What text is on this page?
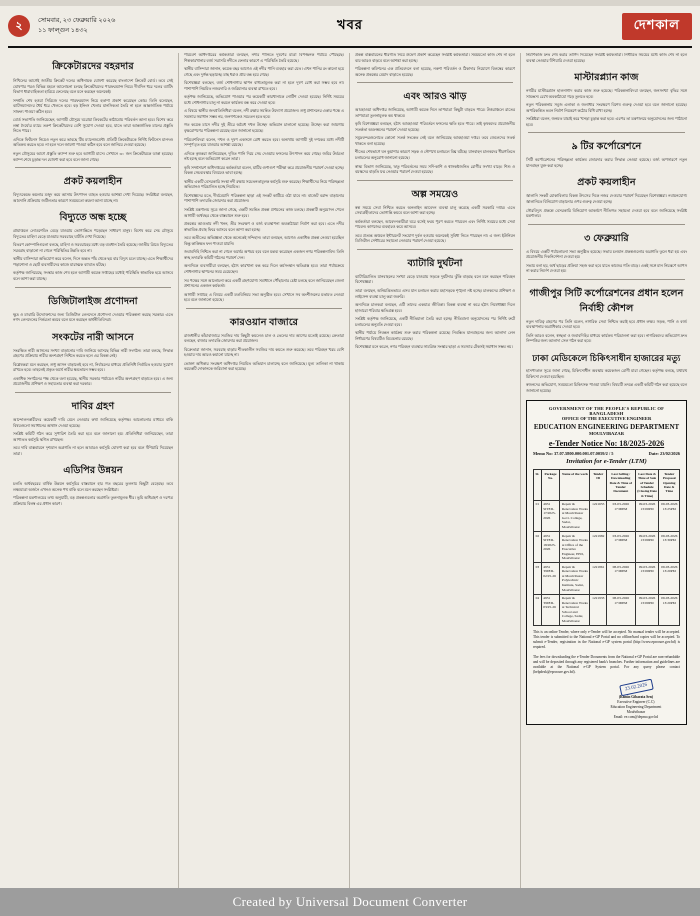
২	সোমবার, ২৩ ফেব্রুয়ারি ২০২৬
১১ ফাল্গুন ১৪৩২	খবর	দেশকাল
ক্রিকেটারদের বহরদার

নিখিলের আগেই জাতীয় ক্রিকেট দলের অধিনায়ক ঘোষণা করেছে বাংলাদেশ ক্রিকেট বোর্ড। তবে সেই ঘোষণার পরও বিভিন্ন মহলে আলোচনা চলছে ক্রিকেটারদের পারফরম্যান্স নিয়ে। দীর্ঘদিন ধরে দলের ব্যাটিং বিভাগ ধারাবাহিকতা হারিয়ে ফেলেছে বলে মনে করছেন অনেকেই।

সম্প্রতি শেষ হওয়া সিরিজে দলের পারফরম্যান্স নিয়ে হতাশা প্রকাশ করেছেন কোচ। তিনি বলেছেন, ব্যাটসম্যানদের ধৈর্য ধরে খেলতে হবে। বড় ইনিংস খেলার মানসিকতা তৈরি না হলে আন্তর্জাতিক পর্যায়ে সাফল্য পাওয়া কঠিন হবে।

বোর্ড সভাপতি জানিয়েছেন, আগামী মৌসুমে ঘরোয়া ক্রিকেটের কাঠামোয় পরিবর্তন আনা হবে। বিশেষ করে লম্বা দৈর্ঘ্যের ম্যাচে তরুণ ক্রিকেটারদের বেশি সুযোগ দেওয়া হবে, যাতে তারা আন্তর্জাতিক মানের প্রস্তুতি নিতে পারে।

এদিকে ফিটনেস নিয়েও নতুন করে ভাবছে টিম ম্যানেজমেন্ট। প্রতিটি ক্রিকেটারকে নির্দিষ্ট ফিটনেস মানদণ্ড অতিক্রম করতে হবে। না হলে দলে জায়গা পাওয়া কঠিন হবে বলে জানিয়ে দেওয়া হয়েছে।

নতুন মৌসুমের আগে প্রস্তুতি ক্যাম্প শুরু হবে আগামী মাসে। সেখানে ৩০ জন ক্রিকেটারকে ডাকা হয়েছে। ক্যাম্প শেষে চূড়ান্ত দল ঘোষণা করা হবে বলে জানা গেছে।

প্রকট কয়লাহীন

বিদ্যুৎকেন্দ্রে কয়লার মজুদ কমে আসায় উৎপাদন ব্যাহত হওয়ার আশঙ্কা দেখা দিয়েছে। সংশ্লিষ্টরা বলছেন, আমদানি প্রক্রিয়ায় জটিলতার কারণে সময়মতো কয়লা আনা যাচ্ছে না।

বিদ্যুতে অন্ধ হচ্ছে

গ্রামাঞ্চলে লোডশেডিং বেড়ে যাওয়ায় ভোগান্তিতে পড়েছেন সাধারণ মানুষ। বিশেষ করে সেচ মৌসুমে বিদ্যুতের চাহিদা বেড়ে যাওয়ায় সরবরাহে ঘাটতি দেখা দিয়েছে।

বিতরণ কোম্পানিগুলো বলছে, চাহিদা ও সরবরাহের মধ্যে বড় ব্যবধান তৈরি হয়েছে। জাতীয় গ্রিডে বিদ্যুতের সরবরাহ বাড়ানো না গেলে পরিস্থিতির উন্নতি হবে না।

স্থানীয় বাসিন্দারা অভিযোগ করে বলেন, দিনে অন্তত পাঁচ থেকে ছয় বার বিদ্যুৎ চলে যাচ্ছে। এতে শিক্ষার্থীদের পড়াশোনা ও ছোট ব্যবসায়ীদের কাজে মারাত্মক ব্যাঘাত ঘটছে।

কর্তৃপক্ষ জানিয়েছে, সংস্কার কাজ শেষ হলে আগামী কয়েক সপ্তাহের মধ্যেই পরিস্থিতি স্বাভাবিক হয়ে আসবে বলে আশা করা যাচ্ছে।

ডিজিটালাইজ প্রণোদনা

ক্ষুদ্র ও মাঝারি উদ্যোক্তাদের জন্য ডিজিটাল লেনদেনে প্রণোদনা দেওয়ার পরিকল্পনা করছে সরকার। এতে নগদ লেনদেনের নির্ভরতা কমবে বলে মনে করছেন অর্থনীতিবিদরা।

সংকটের নারী আসনে

সংরক্ষিত নারী আসনের সংখ্যা বাড়ানোর দাবি জানিয়ে আসছে বিভিন্ন নারী সংগঠন। তারা বলছে, সিদ্ধান্ত গ্রহণের প্রক্রিয়ায় নারীর অংশগ্রহণ নিশ্চিত করতে হলে এর বিকল্প নেই।

বিশ্লেষকরা মনে করছেন, শুধু আসন বাড়ালেই হবে না, নির্বাচনের মাধ্যমে প্রতিনিধি নির্বাচিত হওয়ার সুযোগ রাখতে হবে। তাহলেই প্রকৃত অর্থে নারীর ক্ষমতায়ন সম্ভব হবে।

একাধিক সংগঠনের পক্ষ থেকে বলা হয়েছে, স্থানীয় সরকার পর্যায়েও নারীর অংশগ্রহণ বাড়াতে হবে। এ জন্য প্রয়োজনীয় প্রশিক্ষণ ও সহায়তার ব্যবস্থা করা দরকার।

দাবির গ্রহণ

আন্দোলনকারীদের কয়েকটি দাবি মেনে নেওয়ার কথা জানিয়েছে কর্তৃপক্ষ। আলোচনার মাধ্যমে বাকি বিষয়গুলো সমাধানের আশ্বাস দেওয়া হয়েছে।

সংশ্লিষ্ট কমিটি গঠন করে সুপারিশ তৈরি করা হবে বলে জানানো হয়। প্রতিনিধিরা জানিয়েছেন, তারা আপাতত কর্মসূচি স্থগিত রাখছেন।

তবে দাবি বাস্তবায়নে দৃশ্যমান অগ্রগতি না হলে আবারও কর্মসূচি ঘোষণা করা হবে বলে হুঁশিয়ারি দিয়েছেন তারা।

এডিপির উন্নয়ন

চলতি অর্থবছরের বার্ষিক উন্নয়ন কর্মসূচির বাস্তবায়ন হার গত বছরের তুলনায় কিছুটা বেড়েছে। তবে লক্ষ্যমাত্রা অর্জনে এখনও অনেক পথ বাকি বলে মনে করছেন সংশ্লিষ্টরা।

পরিকল্পনা মন্ত্রণালয়ের তথ্য অনুযায়ী, বড় প্রকল্পগুলোর অগ্রগতি তুলনামূলক ধীর। ভূমি অধিগ্রহণ ও দরপত্র প্রক্রিয়ায় বিলম্ব এর প্রধান কারণ।

পরিবেশ অধিদপ্তরের কর্মকর্তারা বলছেন, নদীর পানিতে দূষণের মাত্রা বিপজ্জনক পর্যায়ে পৌঁছেছে। শিল্পকারখানার বর্জ্য সরাসরি নদীতে ফেলার কারণে এ পরিস্থিতি তৈরি হয়েছে।

স্থানীয় বাসিন্দারা জানান, কয়েক বছর আগেও এই নদীর পানি ব্যবহার করা যেত। এখন পানির রং কালো হয়ে গেছে এবং দুর্গন্ধ ছড়াচ্ছে। মাছ ধরাও প্রায় বন্ধ হয়ে গেছে।

বিশেষজ্ঞরা বলছেন, বর্জ্য শোধনাগার স্থাপন বাধ্যতামূলক করা না হলে দূষণ রোধ করা সম্ভব হবে না। পাশাপাশি নিয়মিত নজরদারি ও জরিমানার ব্যবস্থা রাখতে হবে।

কর্তৃপক্ষ জানিয়েছে, অভিযোগ পাওয়ার পর কয়েকটি কারখানাকে নোটিশ দেওয়া হয়েছে। নির্দিষ্ট সময়ের মধ্যে শোধনাগার চালু না করলে কার্যক্রম বন্ধ করে দেওয়া হবে।

এ বিষয়ে স্থানীয় জনপ্রতিনিধিরা বলেন, নদী রক্ষায় সমন্বিত উদ্যোগ প্রয়োজন। শুধু প্রশাসনের একার পক্ষে এ সমস্যার সমাধান সম্ভব নয়, জনগণকেও সচেতন হতে হবে।

গত কয়েক মাসে নদীর দুই তীরে অবৈধ দখল উচ্ছেদ অভিযান চালানো হয়েছে। উচ্ছেদ করা জায়গায় বৃক্ষরোপণের পরিকল্পনা রয়েছে বলে জানানো হয়েছে।

পরিবেশবিদরা বলেন, দখল ও দূষণ একসঙ্গে রোধ করতে হবে। অন্যথায় আগামী দুই দশকের মধ্যে নদীটি সম্পূর্ণ মৃত হয়ে যাওয়ার আশঙ্কা রয়েছে।

এদিকে কৃষকরা জানিয়েছেন, দূষিত পানি দিয়ে সেচ দেওয়ায় ফসলের উৎপাদন কমে গেছে। জমির উর্বরতা নষ্ট হচ্ছে বলে অভিযোগ করেন তারা।

কৃষি সম্প্রসারণ অধিদপ্তরের কর্মকর্তারা বলেন, মাটির গুণাগুণ পরীক্ষা করে প্রয়োজনীয় পরামর্শ দেওয়া হচ্ছে। বিকল্প সেচব্যবস্থার বিষয়েও ভাবা হচ্ছে।

স্থানীয় একটি বেসরকারি সংস্থা নদী রক্ষায় সচেতনতামূলক কর্মসূচি শুরু করেছে। শিক্ষার্থীদের নিয়ে পরিচ্ছন্নতা অভিযানও পরিচালিত হচ্ছে নিয়মিত।

বিশেষজ্ঞদের মতে, দীর্ঘমেয়াদি পরিকল্পনা ছাড়া এই সংকট কাটিয়ে ওঠা যাবে না। বাজেট বরাদ্দ বাড়ানোর পাশাপাশি তদারকি জোরদার করা প্রয়োজন।

সংশ্লিষ্ট মন্ত্রণালয় সূত্রে জানা গেছে, একটি সমন্বিত প্রকল্প প্রণয়নের কাজ চলছে। প্রকল্পটি অনুমোদন পেলে আগামী অর্থবছর থেকে বাস্তবায়ন শুরু হবে।

প্রকল্পের আওতায় নদী খনন, তীর সংরক্ষণ ও বর্জ্য ব্যবস্থাপনা অবকাঠামো নির্মাণ করা হবে। এতে নদীর স্বাভাবিক প্রবাহ ফিরে আসবে বলে আশা করা হচ্ছে।

তবে অতীতের অভিজ্ঞতা থেকে অনেকেই সন্দিহান। তারা বলছেন, আগেও একাধিক প্রকল্প নেওয়া হয়েছিল কিন্তু কাঙ্ক্ষিত ফল পাওয়া যায়নি।

জবাবদিহি নিশ্চিত করা না গেলে অর্থের অপচয় হবে বলে মন্তব্য করেছেন একজন নগর পরিকল্পনাবিদ। তিনি স্বচ্ছ তদারকি কমিটি গঠনের পরামর্শ দেন।

অন্যদিকে ব্যবসায়ীরা বলছেন, হঠাৎ কারখানা বন্ধ করে দিলে কর্মসংস্থান ক্ষতিগ্রস্ত হবে। তারা পর্যায়ক্রমে শোধনাগার স্থাপনের সময় চেয়েছেন।

সব পক্ষের সঙ্গে আলোচনা করে একটি গ্রহণযোগ্য সমাধানে পৌঁছানোর চেষ্টা চলছে বলে জানিয়েছেন জেলা প্রশাসনের একজন কর্মকর্তা।

আগামী সপ্তাহে এ বিষয়ে একটি মতবিনিময় সভা অনুষ্ঠিত হবে। সেখানে সব অংশীজনের মতামত নেওয়া হবে বলে জানানো হয়েছে।

কারওয়ান বাজারে

রাজধানীর কাঁচাবাজারে সবজির দাম কিছুটা কমলেও চাল ও তেলের দাম আগের মতোই রয়েছে। ক্রেতারা বলছেন, বাজার তদারকি জোরদার করা প্রয়োজন।

বিক্রেতারা জানান, সরবরাহ বাড়ায় শীতকালীন সবজির দাম কমতে শুরু করেছে। তবে পরিবহন খরচ বেশি হওয়ায় দাম আরও কমানো যাচ্ছে না।

ভোক্তা অধিকার সংরক্ষণ অধিদপ্তর নিয়মিত অভিযান চালাচ্ছে বলে জানিয়েছে। মূল্য তালিকা না থাকায় কয়েকটি দোকানকে জরিমানা করা হয়েছে।

প্রকল্প বাস্তবায়নের ধীরগতি নিয়ে উদ্বেগ প্রকাশ করেছেন সংশ্লিষ্ট কর্মকর্তারা। সময়মতো কাজ শেষ না হলে ব্যয় আরও বাড়বে বলে আশঙ্কা করা হচ্ছে।

পরিকল্পনা কমিশনের এক প্রতিবেদনে বলা হয়েছে, নকশা পরিবর্তন ও ঠিকাদার নিয়োগে বিলম্বের কারণে অনেক প্রকল্পের মেয়াদ বাড়াতে হয়েছে।

এবং আরও ঝাড়

আবহাওয়া অধিদপ্তর জানিয়েছে, আগামী কয়েক দিনে তাপমাত্রা কিছুটা বাড়তে পারে। উত্তরাঞ্চলে রাতের তাপমাত্রা তুলনামূলক কম থাকবে।

কৃষি বিশেষজ্ঞরা বলছেন, হঠাৎ আবহাওয়া পরিবর্তনে ফসলের ক্ষতি হতে পারে। তাই কৃষকদের প্রয়োজনীয় সতর্কতা অবলম্বনের পরামর্শ দেওয়া হয়েছে।

সমুদ্রবন্দরগুলোতে কোনো সতর্ক সংকেত নেই বলে জানিয়েছে আবহাওয়া দপ্তর। তবে জেলেদের সতর্ক থাকতে বলা হয়েছে।

শীতের শেষভাগে ঘন কুয়াশার কারণে সড়ক ও নৌপথে চলাচলে বিঘ্ন ঘটছে। যানবাহন চালকদের ধীরগতিতে চলাচলের অনুরোধ জানানো হয়েছে।

স্বাস্থ্য বিভাগ জানিয়েছে, ঋতু পরিবর্তনের সময় সর্দি-কাশি ও শ্বাসকষ্টজনিত রোগীর সংখ্যা বাড়ে। শিশু ও বয়স্কদের বাড়তি যত্ন নেওয়ার পরামর্শ দেওয়া হয়েছে।

অল্প সময়েও

স্বল্প সময়ে সেবা নিশ্চিত করতে অনলাইন আবেদন ব্যবস্থা চালু করেছে একটি সরকারি দপ্তর। এতে সেবাগ্রহীতাদের ভোগান্তি কমবে বলে আশা করা হচ্ছে।

কর্মকর্তারা বলছেন, আবেদনকারীরা ঘরে বসেই ফরম পূরণ করতে পারবেন এবং নির্দিষ্ট সময়ের মধ্যে সেবা পাবেন। কাগজের ব্যবহারও কমে আসবে।

তবে প্রত্যন্ত অঞ্চলে ইন্টারনেট সংযোগ দুর্বল হওয়ায় অনেকেই সুবিধা নিতে পারছেন না। এ জন্য ইউনিয়ন ডিজিটাল সেন্টারের সহায়তা নেওয়ার পরামর্শ দেওয়া হয়েছে।

ব্যাটারি দুর্ঘটনা

ব্যাটারিচালিত যানবাহনের সংখ্যা বেড়ে যাওয়ায় সড়কে দুর্ঘটনার ঝুঁকি বাড়ছে বলে মনে করছেন পরিবহন বিশেষজ্ঞরা।

তারা বলছেন, অনিয়ন্ত্রিতভাবে এসব যান চলাচল করায় মহাসড়কে শৃঙ্খলা নষ্ট হচ্ছে। চালকদের প্রশিক্ষণ ও লাইসেন্স ব্যবস্থা চালু করা জরুরি।

অন্যদিকে চালকরা বলছেন, এটি তাদের একমাত্র জীবিকা। বিকল্প ব্যবস্থা না করে হঠাৎ নিষেধাজ্ঞা দিলে হাজারো পরিবার ক্ষতিগ্রস্ত হবে।

সংশ্লিষ্ট কর্তৃপক্ষ জানিয়েছে, একটি নীতিমালা তৈরি করা হচ্ছে। নীতিমালা অনুমোদনের পর নির্দিষ্ট রুটে চলাচলের অনুমতি দেওয়া হবে।

স্থানীয় পর্যায়ে নিবন্ধন কার্যক্রম শুরু করার পরিকল্পনা রয়েছে। নিবন্ধিত যানবাহনের জন্য আলাদা লেন নির্ধারণের বিষয়টিও বিবেচনায় রয়েছে।

বিশেষজ্ঞরা মনে করেন, নগর পরিবহন ব্যবস্থার সামগ্রিক সংস্কার ছাড়া এ সমস্যার টেকসই সমাধান সম্ভব নয়।

নির্মাণকাজ দ্রুত শেষ করার তাগিদ দিয়েছেন সংশ্লিষ্ট কর্মকর্তারা। নির্ধারিত সময়ের মধ্যে কাজ শেষ না হলে ব্যবস্থা নেওয়ার হুঁশিয়ারি দেওয়া হয়েছে।

মাস্টারপ্ল্যান কাজ

নগরীর মাস্টারপ্ল্যান হালনাগাদ করার কাজ শুরু হয়েছে। পরিকল্পনাবিদরা বলছেন, জনসংখ্যা বৃদ্ধির সঙ্গে সামঞ্জস্য রেখে অবকাঠামো গড়ে তুলতে হবে।

নতুন পরিকল্পনায় সবুজ এলাকা ও জলাধার সংরক্ষণে বিশেষ গুরুত্ব দেওয়া হবে বলে জানানো হয়েছে। অপরিকল্পিত ভবন নির্মাণ নিয়ন্ত্রণে কঠোর বিধি রাখা হচ্ছে।

সংশ্লিষ্টরা বলেন, জনমত যাচাই করে খসড়া চূড়ান্ত করা হবে। এরপর তা মন্ত্রণালয়ে অনুমোদনের জন্য পাঠানো হবে।

৯ টির কর্পোরেশনে

সিটি কর্পোরেশনের পরিচ্ছন্নতা কার্যক্রম জোরদার করার সিদ্ধান্ত নেওয়া হয়েছে। বর্জ্য অপসারণে নতুন যানবাহন যুক্ত করা হচ্ছে।

প্রকট কয়লাহীন

জ্বালানি সংকট মোকাবিলায় বিকল্প উৎসের দিকে নজর দেওয়ার পরামর্শ দিয়েছেন বিশেষজ্ঞরা। নবায়নযোগ্য জ্বালানিতে বিনিয়োগ বাড়ানোর ওপর গুরুত্ব দেওয়া হচ্ছে।

সৌরবিদ্যুৎ প্রকল্পে বেসরকারি বিনিয়োগ আকর্ষণে নীতিগত সহায়তা দেওয়া হবে বলে জানিয়েছে সংশ্লিষ্ট মন্ত্রণালয়।

৩ ফেব্রুয়ারি

এ বিষয়ে একটি পর্যালোচনা সভা অনুষ্ঠিত হয়েছে। সভায় চলমান প্রকল্পগুলোর অগ্রগতি তুলে ধরা হয় এবং প্রয়োজনীয় দিকনির্দেশনা দেওয়া হয়।

সভায় বলা হয়, অর্থ ছাড়ের প্রক্রিয়া সহজ করা হবে যাতে কাজের গতি বাড়ে। একই সঙ্গে মান নিয়ন্ত্রণে আপস না করার নির্দেশ দেওয়া হয়।

গাজীপুর সিটি কর্পোরেশনের প্রধান হলেন নির্বাহী কৌশল

নতুন দায়িত্ব গ্রহণের পর তিনি বলেন, নাগরিক সেবা নিশ্চিত করাই হবে প্রধান লক্ষ্য। সড়ক, পানি ও বর্জ্য ব্যবস্থাপনায় অগ্রাধিকার দেওয়া হবে।

তিনি আরও বলেন, স্বচ্ছতা ও জবাবদিহির মাধ্যমে কার্যক্রম পরিচালনা করা হবে। নাগরিকদের অভিযোগ দ্রুত নিষ্পত্তির জন্য আলাদা সেল গঠন করা হবে।

ঢাকা মেডিকেলে চিকিৎসাধীন হাজারের মত্যু

হাসপাতাল সূত্রে জানা গেছে, চিকিৎসাধীন অবস্থায় কয়েকজন রোগী মারা গেছেন। কর্তৃপক্ষ বলছে, যথাযথ চিকিৎসা দেওয়া হয়েছিল।

স্বজনদের অভিযোগ, সময়মতো চিকিৎসক পাওয়া যায়নি। বিষয়টি তদন্তে একটি কমিটি গঠন করা হয়েছে বলে জানানো হয়েছে।

GOVERNMENT OF THE PEOPLE'S REPUBLIC OF BANGLADESH
OFFICE OF THE EXECUTIVE ENGINEER
EDUCATION ENGINEERING DEPARTMENT
MOULVIBAZAR
e-Tender Notice No: 18/2025-2026
Memo No: 37.07.5800.000.001.07.0059/2 / 5	Date: 23/02/2026
Invitation for e-Tender (LTM)
Sl.	Package No.	Name of the work	Tender ID	Last Selling / Downloading Date & Time of Tender Document	Last Date & Time of Sale of Tender Schedule (Closing Date & Time)	Tender Proposal Opening Date & Time
01	4931 SITED-17/2025-2026	Repair & Renovation Works at Moulvibazar Govt. College, Sadar, Moulvibazar	1221655	03-03-2026 17:00PM	09-03-2026 13:00PM	09-03-2026 13:25PM
02	4931 SITED-18/2025-2026	Repair & Renovation Works at Office of the Executive Engineer, EED, Moulvibazar	1221982	03-03-2026 17:00PM	09-03-2026 13:00PM	09-03-2026 13:30PM
03	4931 TMED-02/25-26	Repair & Renovation Works at Moulvibazar Polytechnic Institute, Sadar, Moulvibazar	1221861	08-03-2026 17:00PM	09-03-2026 13:00PM	09-03-2026 13:20PM
04	4931 TMED-03/25-26	Repair & Renovation Works at Technical School and College, Sadar, Moulvibazar	1221933	08-03-2026 17:00PM	09-03-2026 13:00PM	09-03-2026 13:20PM
This is an online Tender, where only e-Tender will be accepted. No manual tender will be accepted. This tender is submitted to the National e-GP Portal and no offline/hard copies will be accepted. To submit e-Tender, registration in the National e-GP system portal (http://www.eprocure.gov.bd) is required.
The fees for downloading the e-Tender Documents from the National e-GP Portal are non-refundable and will be deposited through any registered bank's branches. Further information and guidelines are available at the National e-GP System portal. For any query please contact (helpdesk@eprocure.gov.bd).
23.02.2026
(Ramin Gibarata Sen)
Executive Engineer (C.C)
Education Engineering Department
Moulvibazar
Email: ee.com@depmo.gov.bd
Created by Universal Document Converter
